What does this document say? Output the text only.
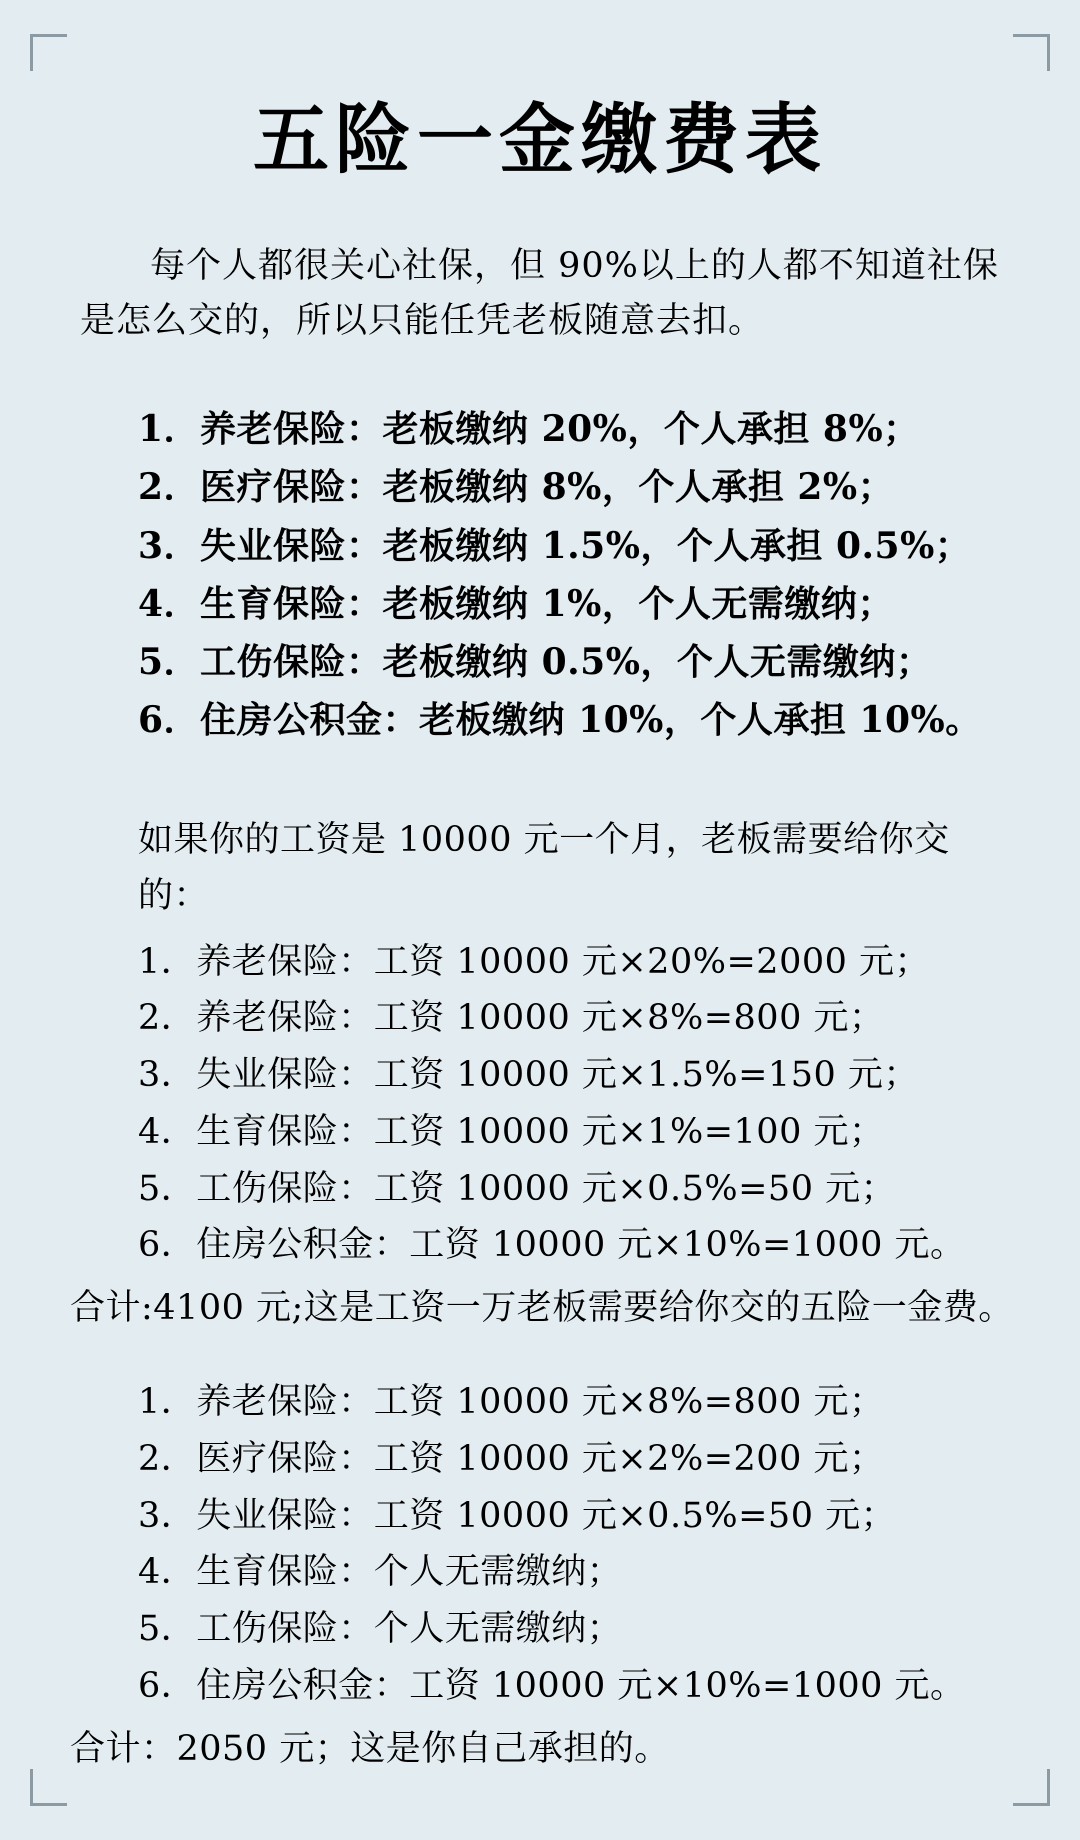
五险一金缴费表

每个人都很关心社保，但 90%以上的人都不知道社保是怎么交的，所以只能任凭老板随意去扣。

1．养老保险：老板缴纳 20%，个人承担 8%；
2．医疗保险：老板缴纳 8%，个人承担 2%；
3．失业保险：老板缴纳 1.5%，个人承担 0.5%；
4．生育保险：老板缴纳 1%，个人无需缴纳；
5．工伤保险：老板缴纳 0.5%，个人无需缴纳；
6．住房公积金：老板缴纳 10%，个人承担 10%。

如果你的工资是 10000 元一个月，老板需要给你交的：

1．养老保险：工资 10000 元×20%=2000 元；
2．养老保险：工资 10000 元×8%=800 元；
3．失业保险：工资 10000 元×1.5%=150 元；
4．生育保险：工资 10000 元×1%=100 元；
5．工伤保险：工资 10000 元×0.5%=50 元；
6．住房公积金：工资 10000 元×10%=1000 元。

合计:4100 元;这是工资一万老板需要给你交的五险一金费。

1．养老保险：工资 10000 元×8%=800 元；
2．医疗保险：工资 10000 元×2%=200 元；
3．失业保险：工资 10000 元×0.5%=50 元；
4．生育保险：个人无需缴纳；
5．工伤保险：个人无需缴纳；
6．住房公积金：工资 10000 元×10%=1000 元。

合计：2050 元；这是你自己承担的。
